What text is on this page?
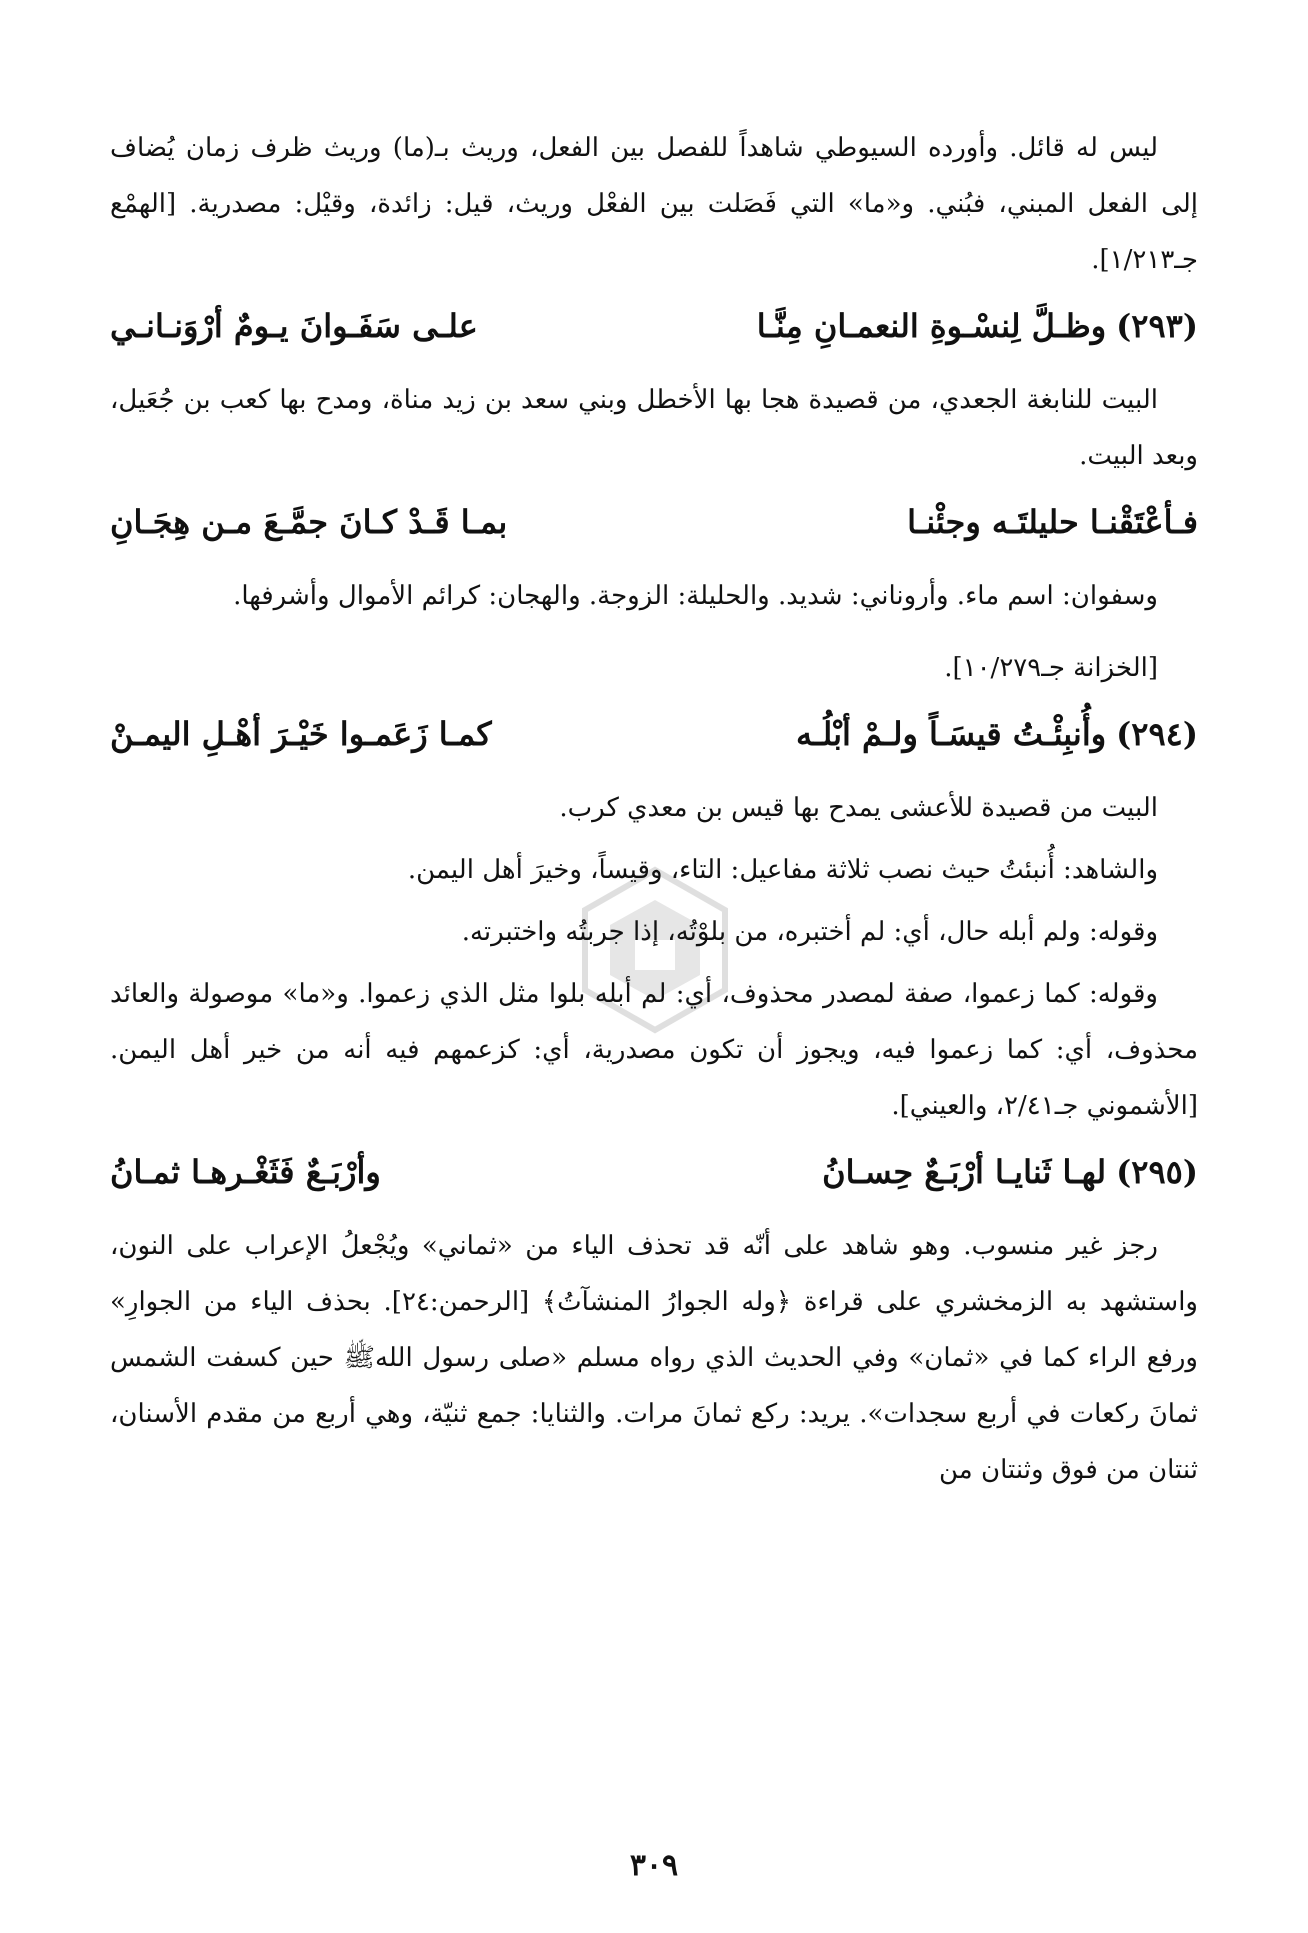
ليس له قائل. وأورده السيوطي شاهداً للفصل بين الفعل، وريث بـ(ما) وريث ظرف زمان يُضاف إلى الفعل المبني، فبُني. و«ما» التي فَصَلت بين الفعْل وريث، قيل: زائدة، وقيْل: مصدرية. [الهمْع جـ١/٢١٣].

(٢٩٣)
وظـلَّ لِنسْـوةِ النعمـانِ مِنَّـا
علـى سَفَـوانَ يـومٌ أرْوَنـانـي

البيت للنابغة الجعدي، من قصيدة هجا بها الأخطل وبني سعد بن زيد مناة، ومدح بها كعب بن جُعَيل، وبعد البيت.

فـأعْتَقْنـا حليلتَـه وجئْنـا
بمـا قَـدْ كـانَ جمَّـعَ مـن هِجَـانِ

وسفوان: اسم ماء. وأروناني: شديد. والحليلة: الزوجة. والهجان: كرائم الأموال وأشرفها.

[الخزانة جـ١٠/٢٧٩].

(٢٩٤)
وأُنبِئْـتُ قيسَـاً ولـمْ أبْلُـه
كمـا زَعَمـوا خَيْـرَ أهْـلِ اليمـنْ

البيت من قصيدة للأعشى يمدح بها قيس بن معدي كرب.

والشاهد: أُنبئتُ حيث نصب ثلاثة مفاعيل: التاء، وقيساً، وخيرَ أهل اليمن.

وقوله: ولم أبله حال، أي: لم أختبره، من بلوْتُه، إذا جربتُه واختبرته.

وقوله: كما زعموا، صفة لمصدر محذوف، أي: لم أبله بلوا مثل الذي زعموا. و«ما» موصولة والعائد محذوف، أي: كما زعموا فيه، ويجوز أن تكون مصدرية، أي: كزعمهم فيه أنه من خير أهل اليمن. [الأشموني جـ٢/٤١، والعيني].

(٢٩٥)
لهـا ثَنايـا أرْبَـعٌ حِسـانُ
وأرْبَـعٌ فَثَغْـرهـا ثمـانُ

رجز غير منسوب. وهو شاهد على أنّه قد تحذف الياء من «ثماني» ويُجْعلُ الإعراب على النون، واستشهد به الزمخشري على قراءة ﴿وله الجوارُ المنشآتُ﴾ [الرحمن:٢٤]. بحذف الياء من الجوارِ» ورفع الراء كما في «ثمان» وفي الحديث الذي رواه مسلم «صلى رسول اللهﷺ حين كسفت الشمس ثمانَ ركعات في أربع سجدات». يريد: ركع ثمانَ مرات. والثنايا: جمع ثنيّة، وهي أربع من مقدم الأسنان، ثنتان من فوق وثنتان من

٣٠٩
